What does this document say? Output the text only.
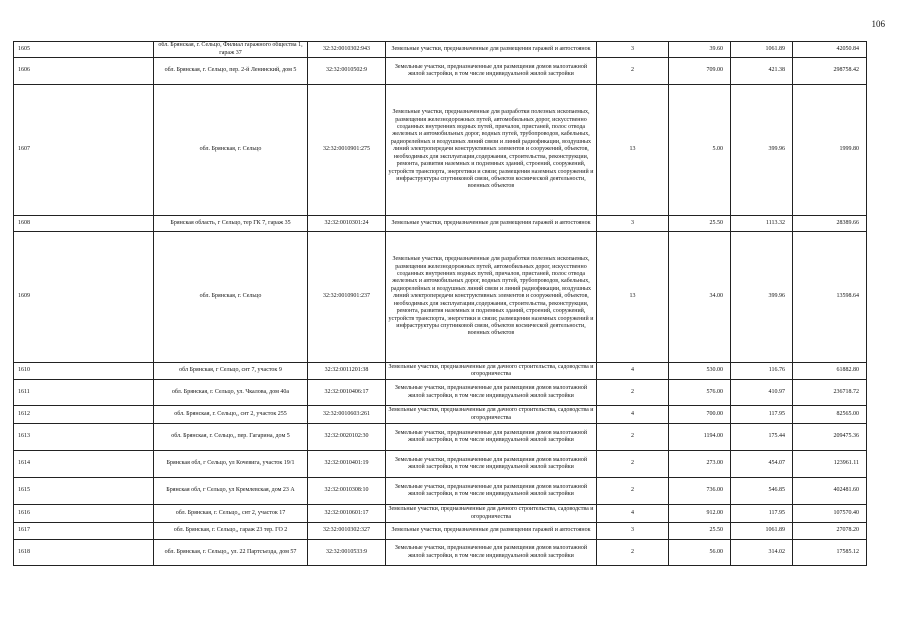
106
1605	обл. Брянская, г. Сельцо, Филиал гаражного общества 1, гараж 37	32:32:0010302:943	Земельные участки, предназначенные для размещения гаражей и автостоянок	3	39.60	1061.89	42050.84
1606	обл. Брянская, г. Сельцо, пер. 2-й Ленинский, дом 5	32:32:0010502:9	Земельные участки, предназначенные для размещения домов малоэтажной жилой застройки, в том числе индивидуальной жилой застройки	2	709.00	421.38	298758.42
1607	обл. Брянская, г. Сельцо	32:32:0010901:275	Земельные участки, предназначенные для разработки полезных ископаемых, размещения железнодорожных путей, автомобильных дорог, искусственно созданных внутренних водных путей, причалов, пристаней, полос отвода железных и автомобильных дорог, водных путей, трубопроводов, кабельных, радиорелейных и воздушных линий связи и линий радиофикации, воздушных линий электропередачи конструктивных элементов и сооружений, объектов, необходимых для эксплуатации,содержания, строительства, реконструкции, ремонта, развития наземных и подземных зданий, строений, сооружений, устройств транспорта, энергетики и связи; размещения наземных сооружений и инфраструктуры спутниковой связи, объектов космической деятельности, военных объектов	13	5.00	399.96	1999.80
1608	Брянская область, г Сельцо, тер ГК 7, гараж 35	32:32:0010301:24	Земельные участки, предназначенные для размещения гаражей и автостоянок	3	25.50	1113.32	28389.66
1609	обл. Брянская, г. Сельцо	32:32:0010901:237	Земельные участки, предназначенные для разработки полезных ископаемых, размещения железнодорожных путей, автомобильных дорог, искусственно созданных внутренних водных путей, причалов, пристаней, полос отвода железных и автомобильных дорог, водных путей, трубопроводов, кабельных, радиорелейных и воздушных линий связи и линий радиофикации, воздушных линий электропередачи конструктивных элементов и сооружений, объектов, необходимых для эксплуатации,содержания, строительства, реконструкции, ремонта, развития наземных и подземных зданий, строений, сооружений, устройств транспорта, энергетики и связи; размещения наземных сооружений и инфраструктуры спутниковой связи, объектов космической деятельности, военных объектов	13	34.00	399.96	13598.64
1610	обл Брянская, г Сельцо, снт 7, участок 9	32:32:0011201:38	Земельные участки, предназначенные для дачного строительства, садоводства и огородничества	4	530.00	116.76	61882.80
1611	обл. Брянская, г. Сельцо, ул. Чкалова, дом 40а	32:32:0010406:17	Земельные участки, предназначенные для размещения домов малоэтажной жилой застройки, в том числе индивидуальной жилой застройки	2	576.00	410.97	236718.72
1612	обл. Брянская, г. Сельцо,, снт 2, участок 255	32:32:0010603:261	Земельные участки, предназначенные для дачного строительства, садоводства и огородничества	4	700.00	117.95	82565.00
1613	обл. Брянская, г. Сельцо,, пер. Гагарина, дом 5	32:32:0020102:30	Земельные участки, предназначенные для размещения домов малоэтажной жилой застройки, в том числе индивидуальной жилой застройки	2	1194.00	175.44	209475.36
1614	Брянская обл, г Сельцо, ул Кочевига, участок 19/1	32:32:0010401:19	Земельные участки, предназначенные для размещения домов малоэтажной жилой застройки, в том числе индивидуальной жилой застройки	2	273.00	454.07	123961.11
1615	Брянская обл, г Сельцо, ул Кремлевская, дом 23 А	32:32:0010308:10	Земельные участки, предназначенные для размещения домов малоэтажной жилой застройки, в том числе индивидуальной жилой застройки	2	736.00	546.85	402481.60
1616	обл. Брянская, г. Сельцо,, снт 2, участок 17	32:32:0010601:17	Земельные участки, предназначенные для дачного строительства, садоводства и огородничества	4	912.00	117.95	107570.40
1617	обл. Брянская, г. Сельцо,, гараж 23 тер. ГО 2	32:32:0010302:327	Земельные участки, предназначенные для размещения гаражей и автостоянок	3	25.50	1061.89	27078.20
1618	обл. Брянская, г. Сельцо,, ул. 22 Партсъезда, дом 57	32:32:0010533:9	Земельные участки, предназначенные для размещения домов малоэтажной жилой застройки, в том числе индивидуальной жилой застройки	2	56.00	314.02	17585.12
